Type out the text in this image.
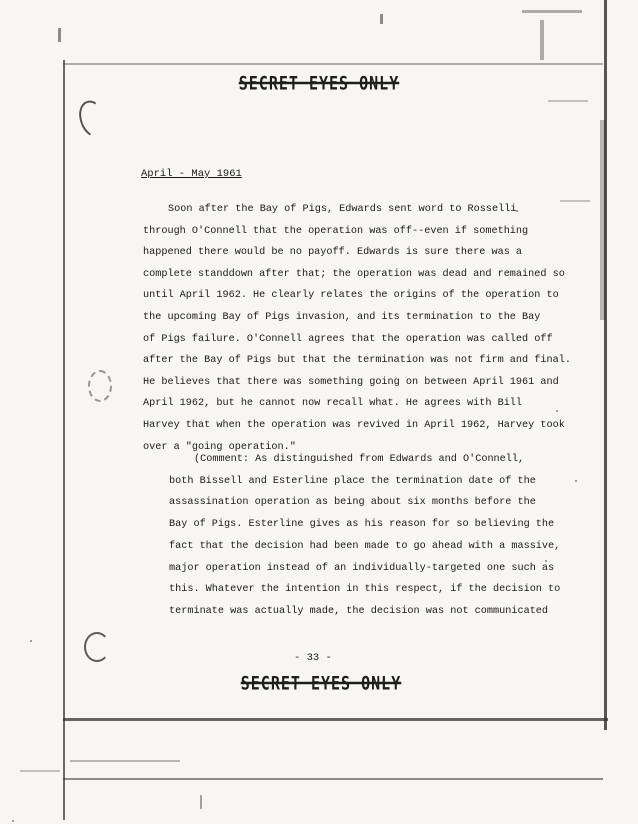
SECRET EYES ONLY
April - May 1961
Soon after the Bay of Pigs, Edwards sent word to Rosselli
through O'Connell that the operation was off--even if something
happened there would be no payoff. Edwards is sure there was a
complete standdown after that; the operation was dead and remained so
until April 1962. He clearly relates the origins of the operation to
the upcoming Bay of Pigs invasion, and its termination to the Bay
of Pigs failure. O'Connell agrees that the operation was called off
after the Bay of Pigs but that the termination was not firm and final.
He believes that there was something going on between April 1961 and
April 1962, but he cannot now recall what. He agrees with Bill
Harvey that when the operation was revived in April 1962, Harvey took
over a "going operation."
(Comment: As distinguished from Edwards and O'Connell,
both Bissell and Esterline place the termination date of the
assassination operation as being about six months before the
Bay of Pigs. Esterline gives as his reason for so believing the
fact that the decision had been made to go ahead with a massive,
major operation instead of an individually-targeted one such as
this. Whatever the intention in this respect, if the decision to
terminate was actually made, the decision was not communicated
- 33 -
SECRET EYES ONLY
